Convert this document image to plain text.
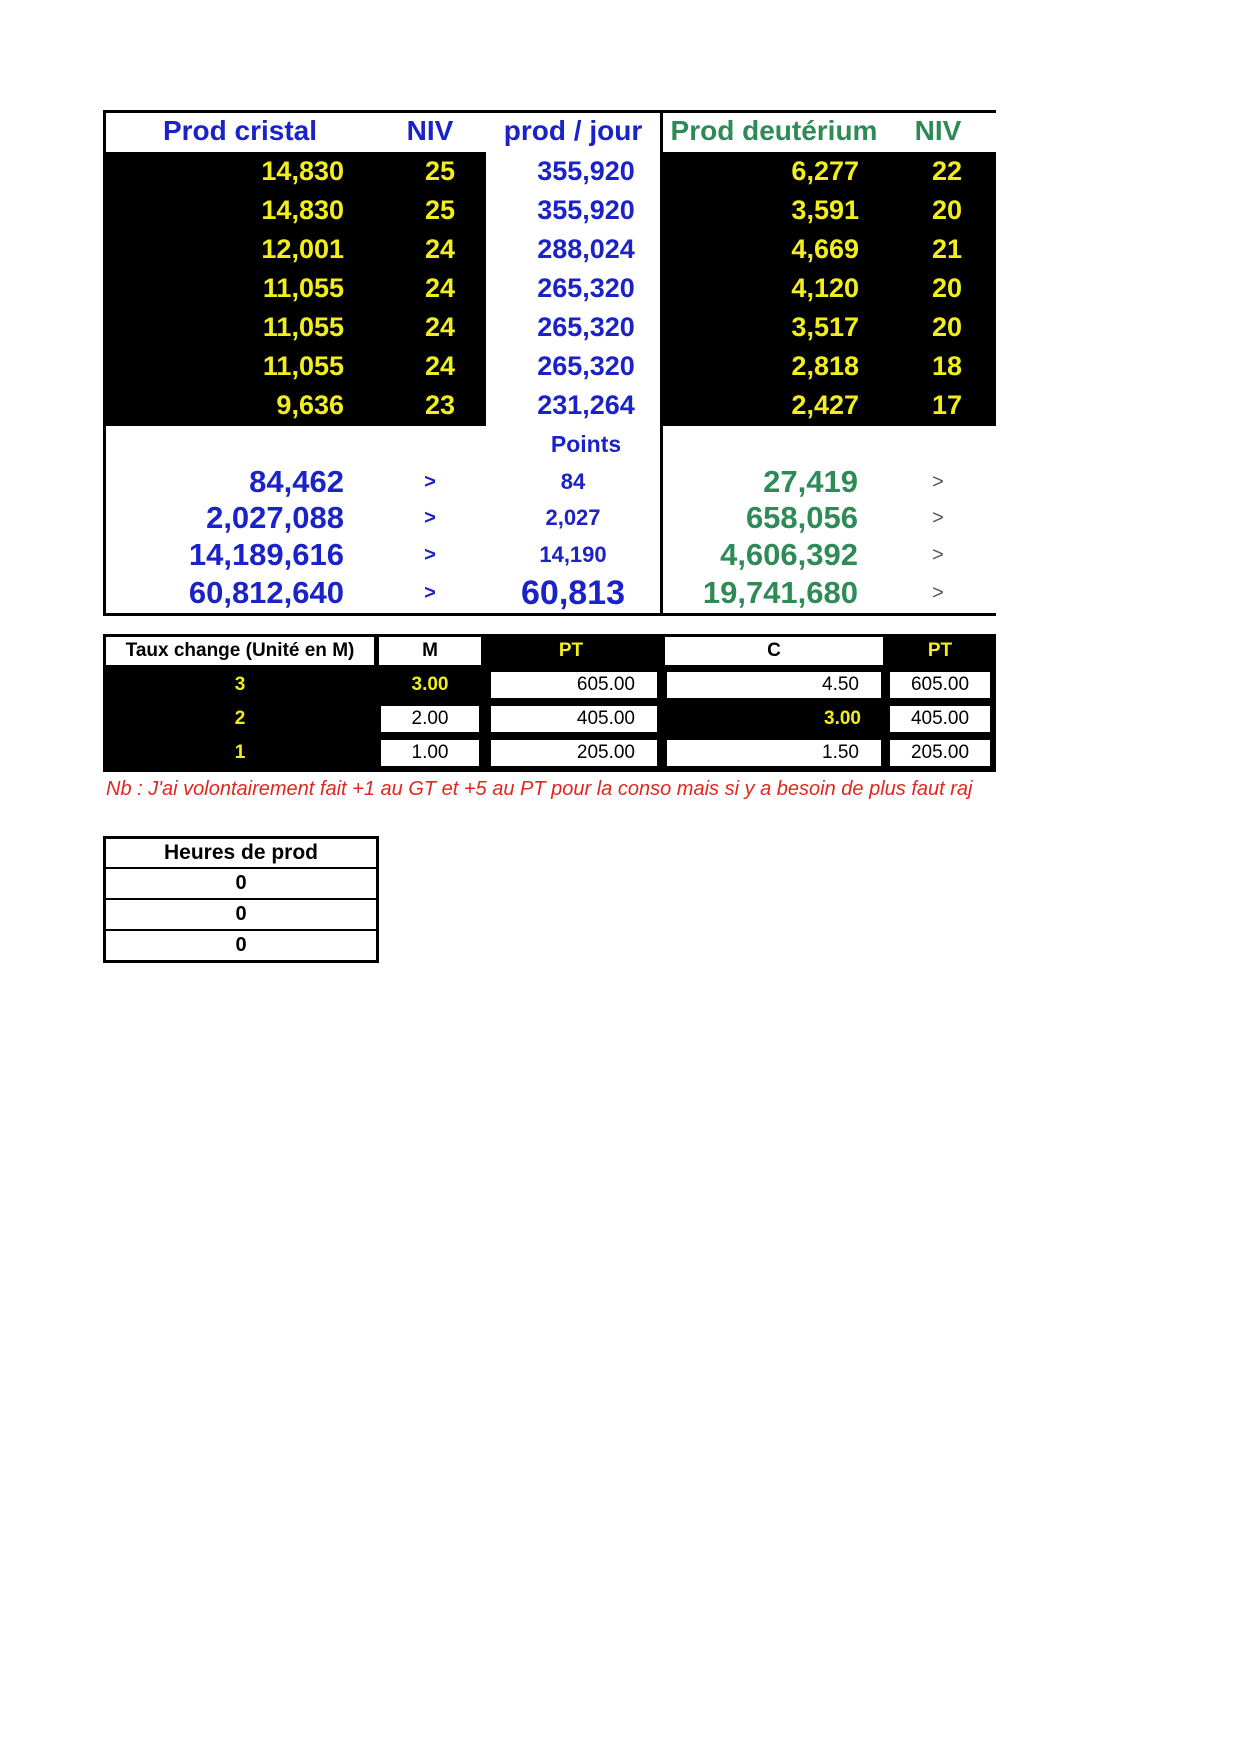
Prod cristal	NIV	prod / jour	Prod deutérium	NIV
14,830	25	355,920	6,277	22
14,830	25	355,920	3,591	20
12,001	24	288,024	4,669	21
11,055	24	265,320	4,120	20
11,055	24	265,320	3,517	20
11,055	24	265,320	2,818	18
9,636	23	231,264	2,427	17
Points
84,462	>	84	27,419	>
2,027,088	>	2,027	658,056	>
14,189,616	>	14,190	4,606,392	>
60,812,640	>	60,813	19,741,680	>
Taux change (Unité en M)	M	PT	C	PT
3	3.00	605.00	4.50	605.00
2	2.00	405.00	3.00	405.00
1	1.00	205.00	1.50	205.00
Nb : J'ai volontairement fait +1 au GT et +5 au PT pour la conso mais si y a besoin de plus faut raj
Heures de prod
0
0
0
